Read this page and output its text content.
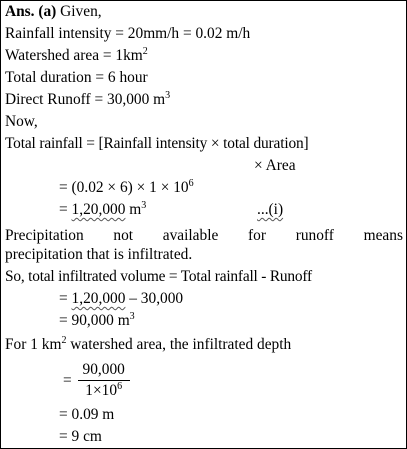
Ans. (a) Given,
Rainfall intensity = 20mm/h = 0.02 m/h
Watershed area = $1km^2$
Total duration = 6 hour
Direct Runoff = 30,000 $m^3$
Now,
Total rainfall = [Rainfall intensity × total duration]
× Area
= $(0.02 \times 6) \times 1 \times 10^6$
= 1,20,000 $m^3$	...(i)
Precipitation not available for runoff means
precipitation that is infiltrated.
So, total infiltrated volume = Total rainfall - Runoff
= 1,20,000 – 30,000
= 90,000 $m^3$
For 1 $km^2$ watershed area, the infiltrated depth
= $\frac{90,000}{1\times 10^6}$
= 0.09 m
= 9 cm
